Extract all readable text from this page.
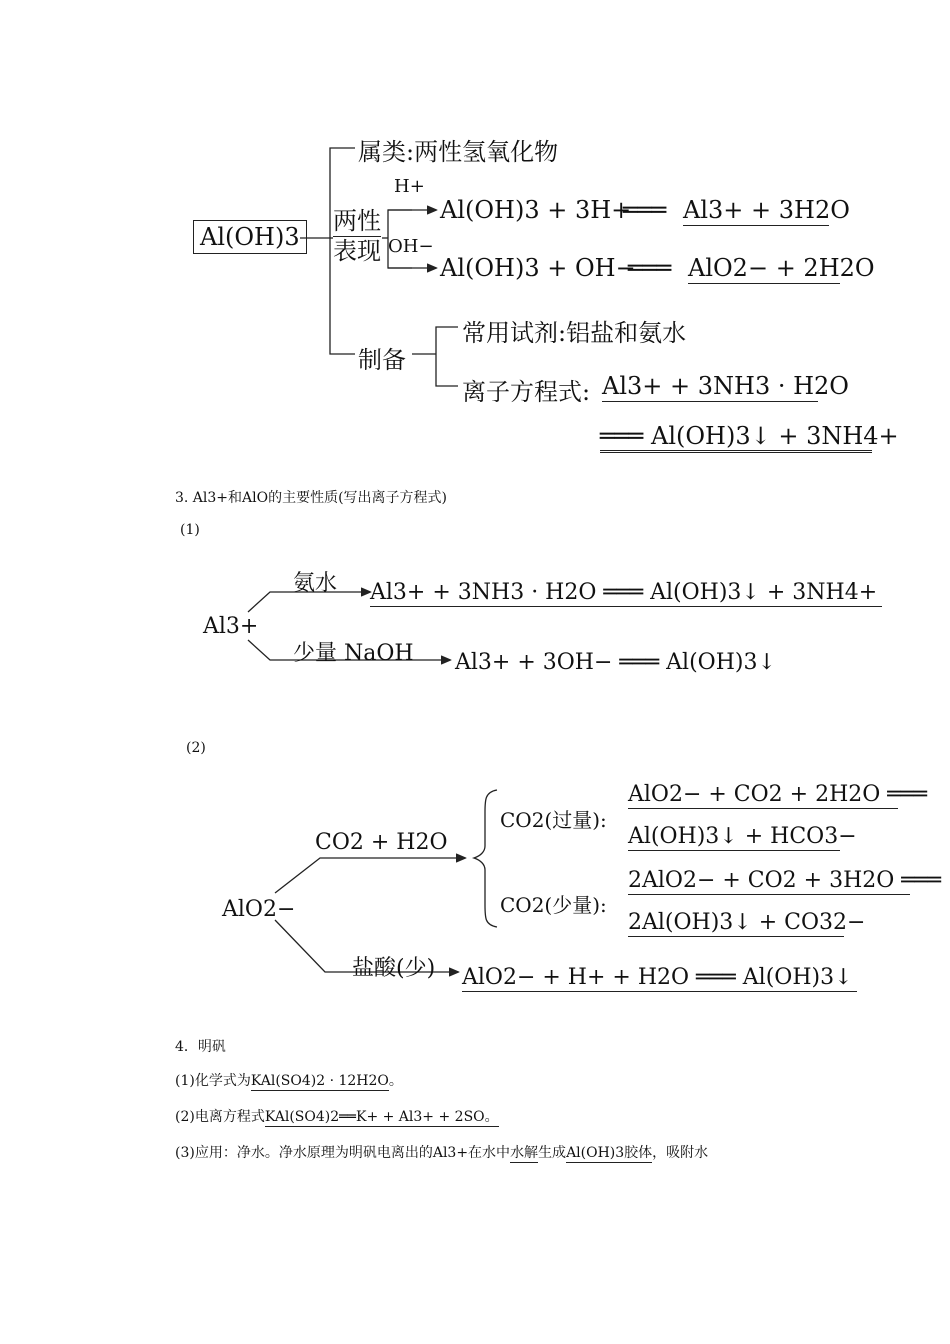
Al(OH)3
属类:两性氢氧化物
两性
表现
H+
Al(OH)3 + 3H+
═══ Al3+ + 3H2O
OH−
Al(OH)3 + OH−
═══ AlO2− + 2H2O
制备
常用试剂:铝盐和氨水
离子方程式: Al3+ + 3NH3 · H2O
═══ Al(OH)3↓ + 3NH4+
3. Al3+和AlO的主要性质(写出离子方程式)
(1)
Al3+
氨水 Al3+ + 3NH3 · H2O ═══ Al(OH)3↓ + 3NH4+
少量 NaOH Al3+ + 3OH− ═══ Al(OH)3↓
(2)
AlO2−
CO2 + H2O
CO2(过量):
AlO2− + CO2 + 2H2O ═══
Al(OH)3↓ + HCO3−
CO2(少量):
2AlO2− + CO2 + 3H2O ═══
2Al(OH)3↓ + CO32−
盐酸(少) AlO2− + H+ + H2O ═══ Al(OH)3↓
4．明矾
(1)化学式为KAl(SO4)2 · 12H2O。
(2)电离方程式KAl(SO4)2══K+ + Al3+ + 2SO。
(3)应用：净水。净水原理为明矾电离出的Al3+在水中水解生成Al(OH)3胶体，吸附水
